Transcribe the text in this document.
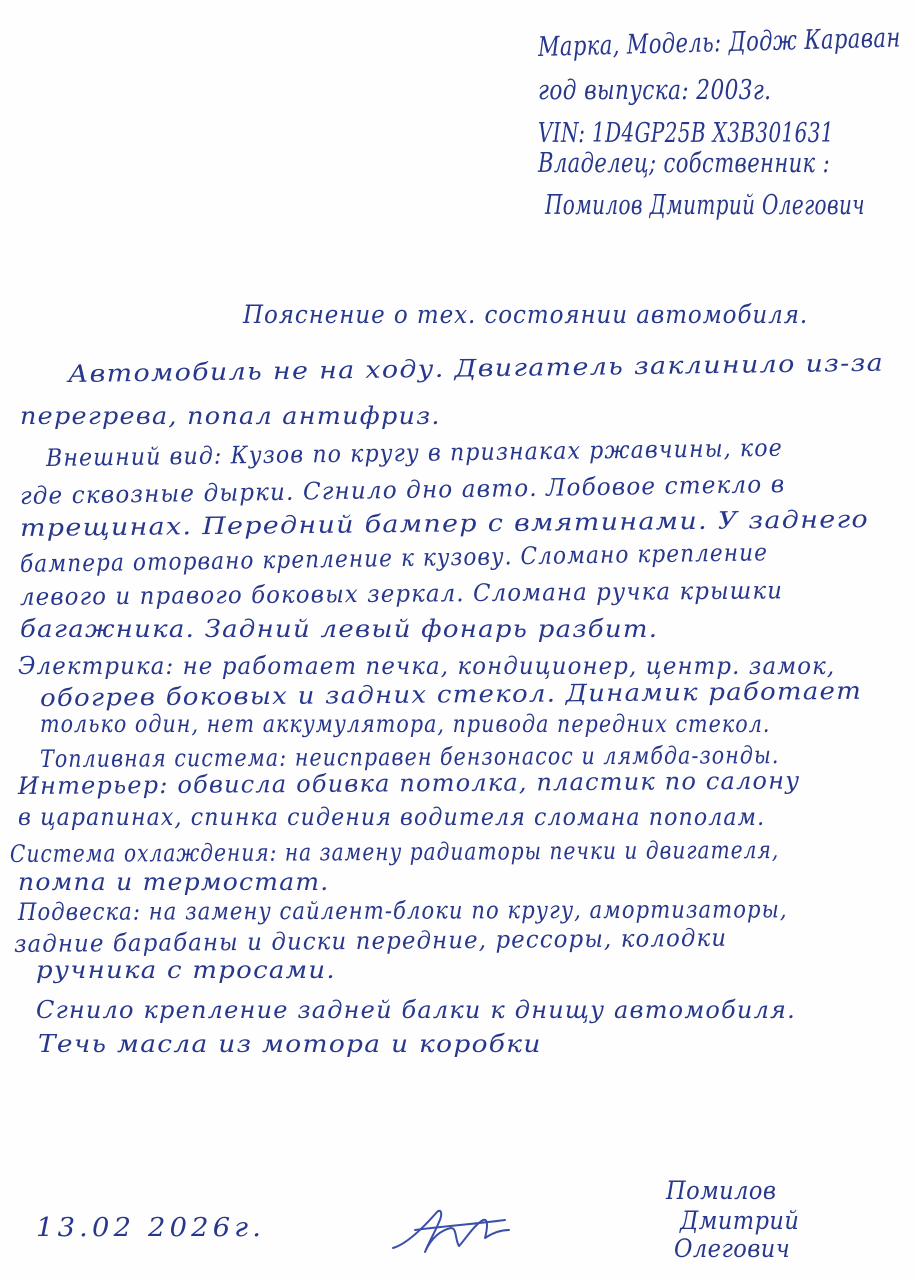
Марка, Модель: Додж Караван
год выпуска: 2003г.
VIN: 1D4GP25B X3B301631
Владелец; собственник :
Помилов Дмитрий Олегович
Пояснение о тех. состоянии автомобиля.
Автомобиль не на ходу. Двигатель заклинило из-за
перегрева, попал антифриз.
Внешний вид: Кузов по кругу в признаках ржавчины, кое
где сквозные дырки. Сгнило дно авто. Лобовое стекло в
трещинах. Передний бампер с вмятинами. У заднего
бампера оторвано крепление к кузову. Сломано крепление
левого и правого боковых зеркал. Сломана ручка крышки
багажника. Задний левый фонарь разбит.
Электрика: не работает печка, кондиционер, центр. замок,
обогрев боковых и задних стекол. Динамик работает
только один, нет аккумулятора, привода передних стекол.
Топливная система: неисправен бензонасос и лямбда-зонды.
Интерьер: обвисла обивка потолка, пластик по салону
в царапинах, спинка сидения водителя сломана пополам.
Система охлаждения: на замену радиаторы печки и двигателя,
помпа и термостат.
Подвеска: на замену сайлент-блоки по кругу, амортизаторы,
задние барабаны и диски передние, рессоры, колодки
ручника с тросами.
Сгнило крепление задней балки к днищу автомобиля.
Течь масла из мотора и коробки
13.02 2026г.
Помилов
Дмитрий
Олегович
